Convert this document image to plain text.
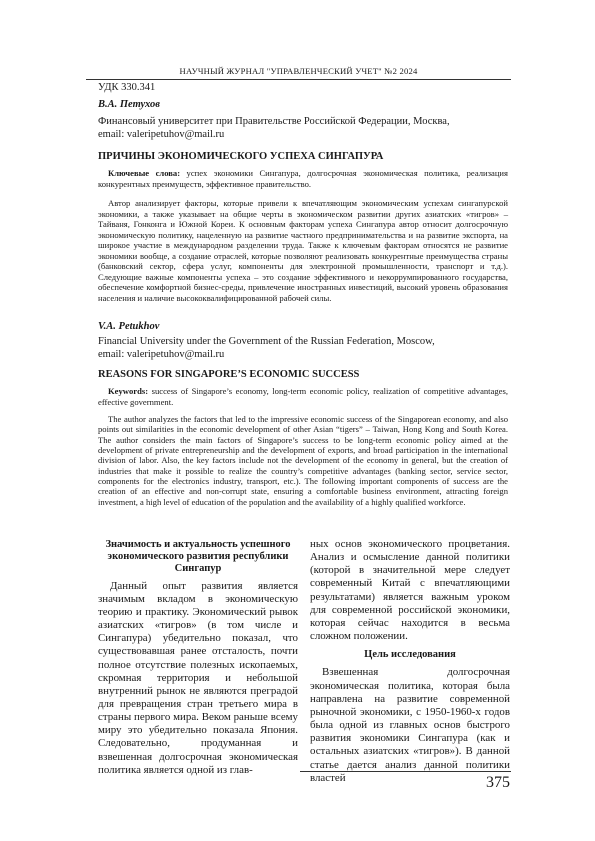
НАУЧНЫЙ ЖУРНАЛ "УПРАВЛЕНЧЕСКИЙ УЧЕТ" №2 2024
УДК 330.341
В.А. Петухов
Финансовый университет при Правительстве Российской Федерации, Москва,
email: valeripetuhov@mail.ru
ПРИЧИНЫ ЭКОНОМИЧЕСКОГО УСПЕХА СИНГАПУРА
Ключевые слова: успех экономики Сингапура, долгосрочная экономическая политика, реализация конкурентных преимуществ, эффективное правительство.

Автор анализирует факторы, которые привели к впечатляющим экономическим успехам сингапурской экономики, а также указывает на общие черты в экономическом развитии других азиатских «тигров» – Тайваня, Гонконга и Южной Кореи. К основным факторам успеха Сингапура автор относит долгосрочную экономическую политику, нацеленную на развитие частного предпринимательства и на развитие экспорта, на широкое участие в международном разделении труда. Также к ключевым факторам относятся не развитие экономики вообще, а создание отраслей, которые позволяют реализовать конкурентные преимущества страны (банковский сектор, сфера услуг, компоненты для электронной промышленности, транспорт и т.д.). Следующие важные компоненты успеха – это создание эффективного и некоррумпированного государства, обеспечение комфортной бизнес-среды, привлечение иностранных инвестиций, высокий уровень образования населения и наличие высококвалифицированной рабочей силы.

V.A. Petukhov
Financial University under the Government of the Russian Federation, Moscow,
email: valeripetuhov@mail.ru
REASONS FOR SINGAPORE’S ECONOMIC SUCCESS
Keywords: success of Singapore’s economy, long-term economic policy, realization of competitive advantages, effective government.

The author analyzes the factors that led to the impressive economic success of the Singaporean economy, and also points out similarities in the economic development of other Asian “tigers” – Taiwan, Hong Kong and South Korea. The author considers the main factors of Singapore’s success to be long-term economic policy aimed at the development of private entrepreneurship and the development of exports, and broad participation in the international division of labor. Also, the key factors include not the development of the economy in general, but the creation of industries that make it possible to realize the country’s competitive advantages (banking sector, service sector, components for the electronics industry, transport, etc.). The following important components of success are the creation of an effective and non-corrupt state, ensuring a comfortable business environment, attracting foreign investment, a high level of education of the population and the availability of a highly qualified workforce.

Значимость и актуальность успешного экономического развития республики Сингапур

Данный опыт развития является значимым вкладом в экономическую теорию и практику. Экономический рывок азиатских «тигров» (в том числе и Сингапура) убедительно показал, что существовавшая ранее отсталость, почти полное отсутствие полезных ископаемых, скромная территория и небольшой внутренний рынок не являются преградой для превращения стран третьего мира в страны первого мира. Веком раньше всему миру это убедительно показала Япония. Следовательно, продуманная и взвешенная долгосрочная экономическая политика является одной из глав-

ных основ экономического процветания. Анализ и осмысление данной политики (которой в значительной мере следует современный Китай с впечатляющими результатами) является важным уроком для современной российской экономики, которая сейчас находится в весьма сложном положении.

Цель исследования

Взвешенная долгосрочная экономическая политика, которая была направлена на развитие современной рыночной экономики, с 1950-1960-х годов была одной из главных основ быстрого развития экономики Сингапура (как и остальных азиатских «тигров»). В данной статье дается анализ данной политики властей	375
